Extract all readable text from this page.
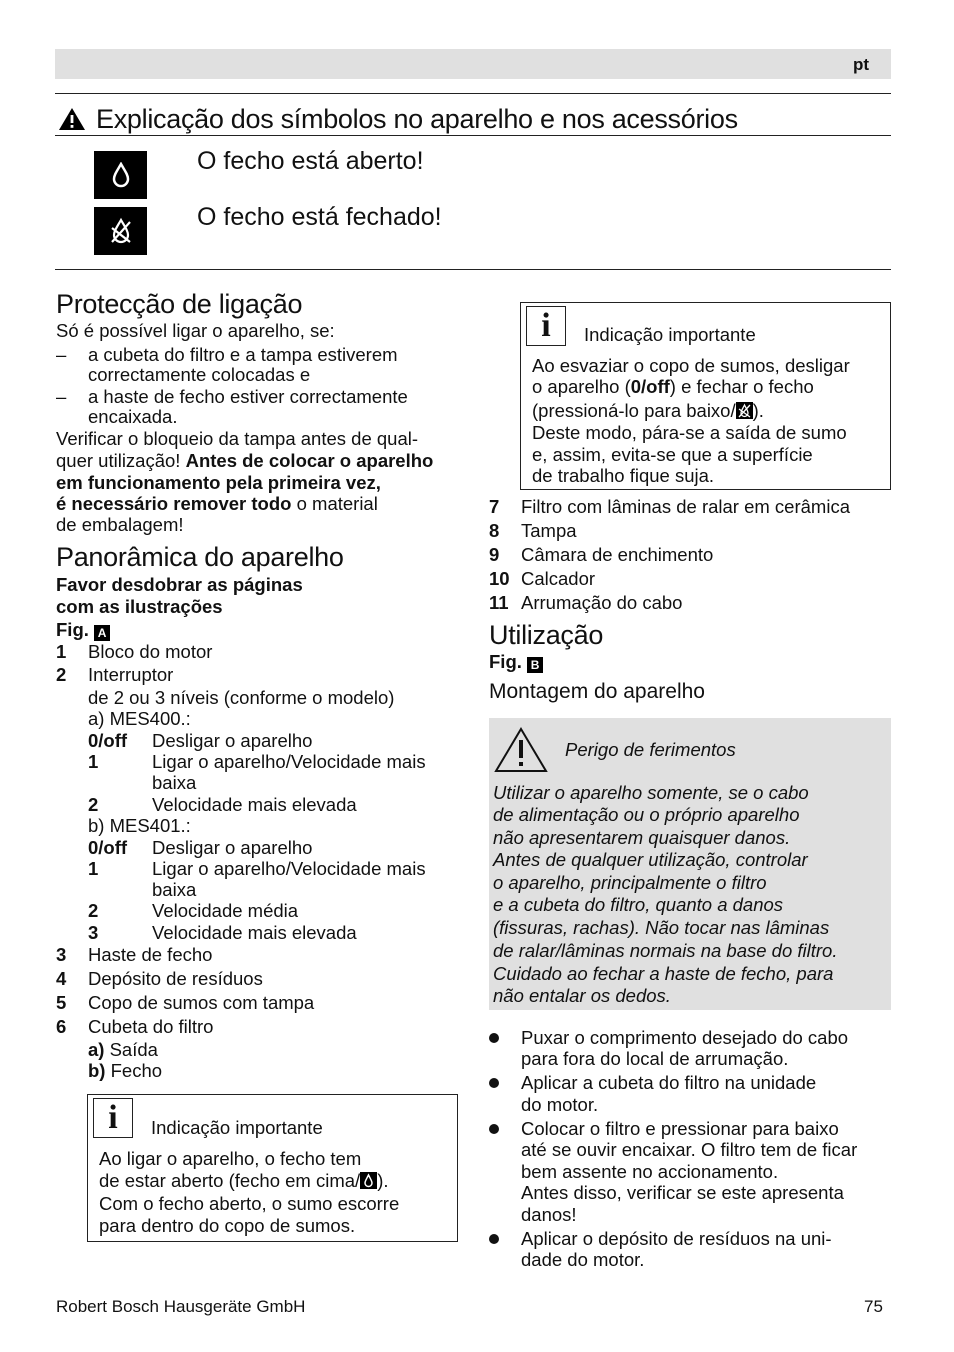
pt
Explicação dos símbolos no aparelho e nos acessórios
O fecho está aberto!
O fecho está fechado!
Protecção de ligação
Só é possível ligar o aparelho, se:
– a cubeta do filtro e a tampa estiverem
correctamente colocadas e
– a haste de fecho estiver correctamente
encaixada.
Verificar o bloqueio da tampa antes de qual-
quer utilização! Antes de colocar o aparelho
em funcionamento pela primeira vez,
é necessário remover todo o material
de embalagem!
Panorâmica do aparelho
Favor desdobrar as páginas
com as ilustrações
Fig. A
1 Bloco do motor
2 Interruptor
de 2 ou 3 níveis (conforme o modelo)
a) MES400.:
0/off Desligar o aparelho
1	Ligar o aparelho/Velocidade mais
baixa
2	Velocidade mais elevada
b) MES401.:
0/off Desligar o aparelho
1	Ligar o aparelho/Velocidade mais
baixa
2	Velocidade média
3	Velocidade mais elevada
3 Haste de fecho
4 Depósito de resíduos
5 Copo de sumos com tampa
6 Cubeta do filtro
a) Saída
b) Fecho
i	Indicação importante
Ao ligar o aparelho, o fecho tem
de estar aberto (fecho em cima/ ).
Com o fecho aberto, o sumo escorre
para dentro do copo de sumos.
i	Indicação importante
Ao esvaziar o copo de sumos, desligar
o aparelho (0/off) e fechar o fecho
(pressioná-lo para baixo/ ).
Deste modo, pára-se a saída de sumo
e, assim, evita-se que a superfície
de trabalho fique suja.
7 Filtro com lâminas de ralar em cerâmica
8 Tampa
9 Câmara de enchimento
10 Calcador
11 Arrumação do cabo
Utilização
Fig. B
Montagem do aparelho
Perigo de ferimentos
Utilizar o aparelho somente, se o cabo
de alimentação ou o próprio aparelho
não apresentarem quaisquer danos.
Antes de qualquer utilização, controlar
o aparelho, principalmente o filtro
e a cubeta do filtro, quanto a danos
(fissuras, rachas). Não tocar nas lâminas
de ralar/lâminas normais na base do filtro.
Cuidado ao fechar a haste de fecho, para
não entalar os dedos.
Puxar o comprimento desejado do cabo
para fora do local de arrumação.
Aplicar a cubeta do filtro na unidade
do motor.
Colocar o filtro e pressionar para baixo
até se ouvir encaixar. O filtro tem de ficar
bem assente no accionamento.
Antes disso, verificar se este apresenta
danos!
Aplicar o depósito de resíduos na uni-
dade do motor.
Robert Bosch Hausgeräte GmbH	75
